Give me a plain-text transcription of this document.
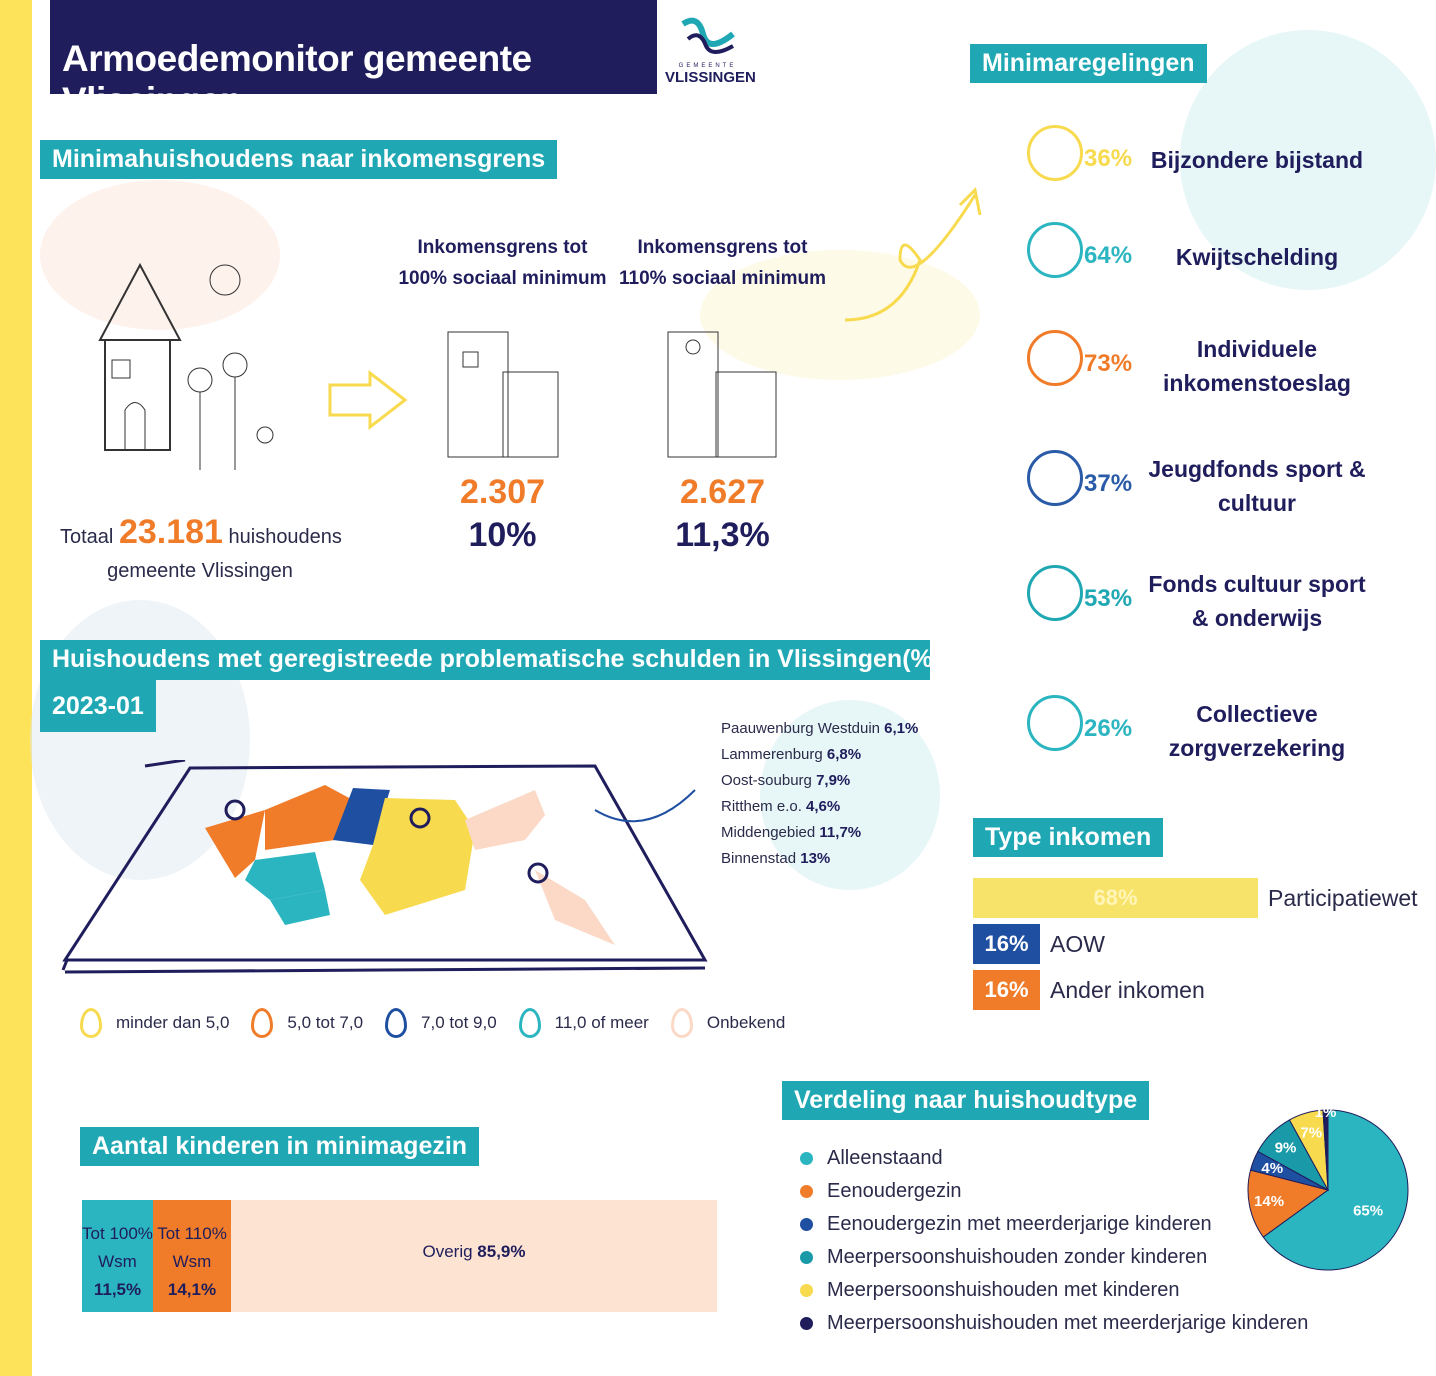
Armoedemonitor gemeente Vlissingen
GEMEENTE
VLISSINGEN
Minimahuishoudens naar inkomensgrens
Totaal 23.181 huishoudens
gemeente Vlissingen
Inkomensgrens tot
100% sociaal minimum
2.307
10%
Inkomensgrens tot
110% sociaal minimum
2.627
11,3%
Minimaregelingen
36% Bijzondere bijstand
64%	Kwijtschelding
73%
Individuele inkomenstoeslag
37%
Jeugdfonds sport & cultuur
53%
Fonds cultuur sport & onderwijs
26%
Collectieve zorgverzekering
Huishoudens met geregistreede problematische schulden in Vlissingen(%),
2023-01
Paauwenburg Westduin 6,1%
Lammerenburg 6,8%
Oost-souburg 7,9%
Ritthem e.o. 4,6%
Middengebied 11,7%
Binnenstad 13%
minder dan 5,0	5,0 tot 7,0	7,0 tot 9,0	11,0 of meer	Onbekend
Type inkomen
68%	Participatiewet
16% AOW
16% Ander inkomen
Aantal kinderen in minimagezin
Tot 100%
Wsm
11,5%
Tot 110%
Wsm
14,1%
Overig 85,9%
Verdeling naar huishoudtype
Alleenstaand
Eenoudergezin
Eenoudergezin met meerderjarige kinderen
Meerpersoonshuishouden zonder kinderen
Meerpersoonshuishouden met kinderen
Meerpersoonshuishouden met meerderjarige kinderen
65%
14%
4%
9%
7%
1%
